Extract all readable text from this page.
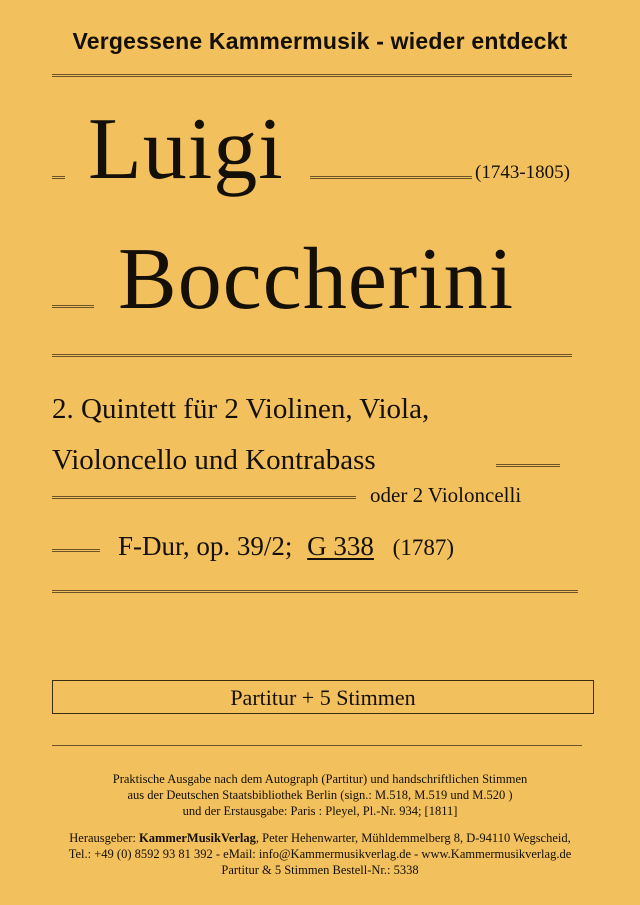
Vergessene Kammermusik - wieder entdeckt
Luigi	(1743-1805)
Boccherini
2. Quintett für 2 Violinen, Viola,
Violoncello und Kontrabass
oder 2 Violoncelli
F-Dur, op. 39/2; G 338 (1787)
Partitur + 5 Stimmen
Praktische Ausgabe nach dem Autograph (Partitur) und handschriftlichen Stimmen
aus der Deutschen Staatsbibliothek Berlin (sign.: M.518, M.519 und M.520 )
und der Erstausgabe: Paris : Pleyel, Pl.-Nr. 934; [1811]
Herausgeber: KammerMusikVerlag, Peter Hehenwarter, Mühldemmelberg 8, D-94110 Wegscheid,
Tel.: +49 (0) 8592 93 81 392 - eMail: info@Kammermusikverlag.de - www.Kammermusikverlag.de
Partitur & 5 Stimmen Bestell-Nr.: 5338
